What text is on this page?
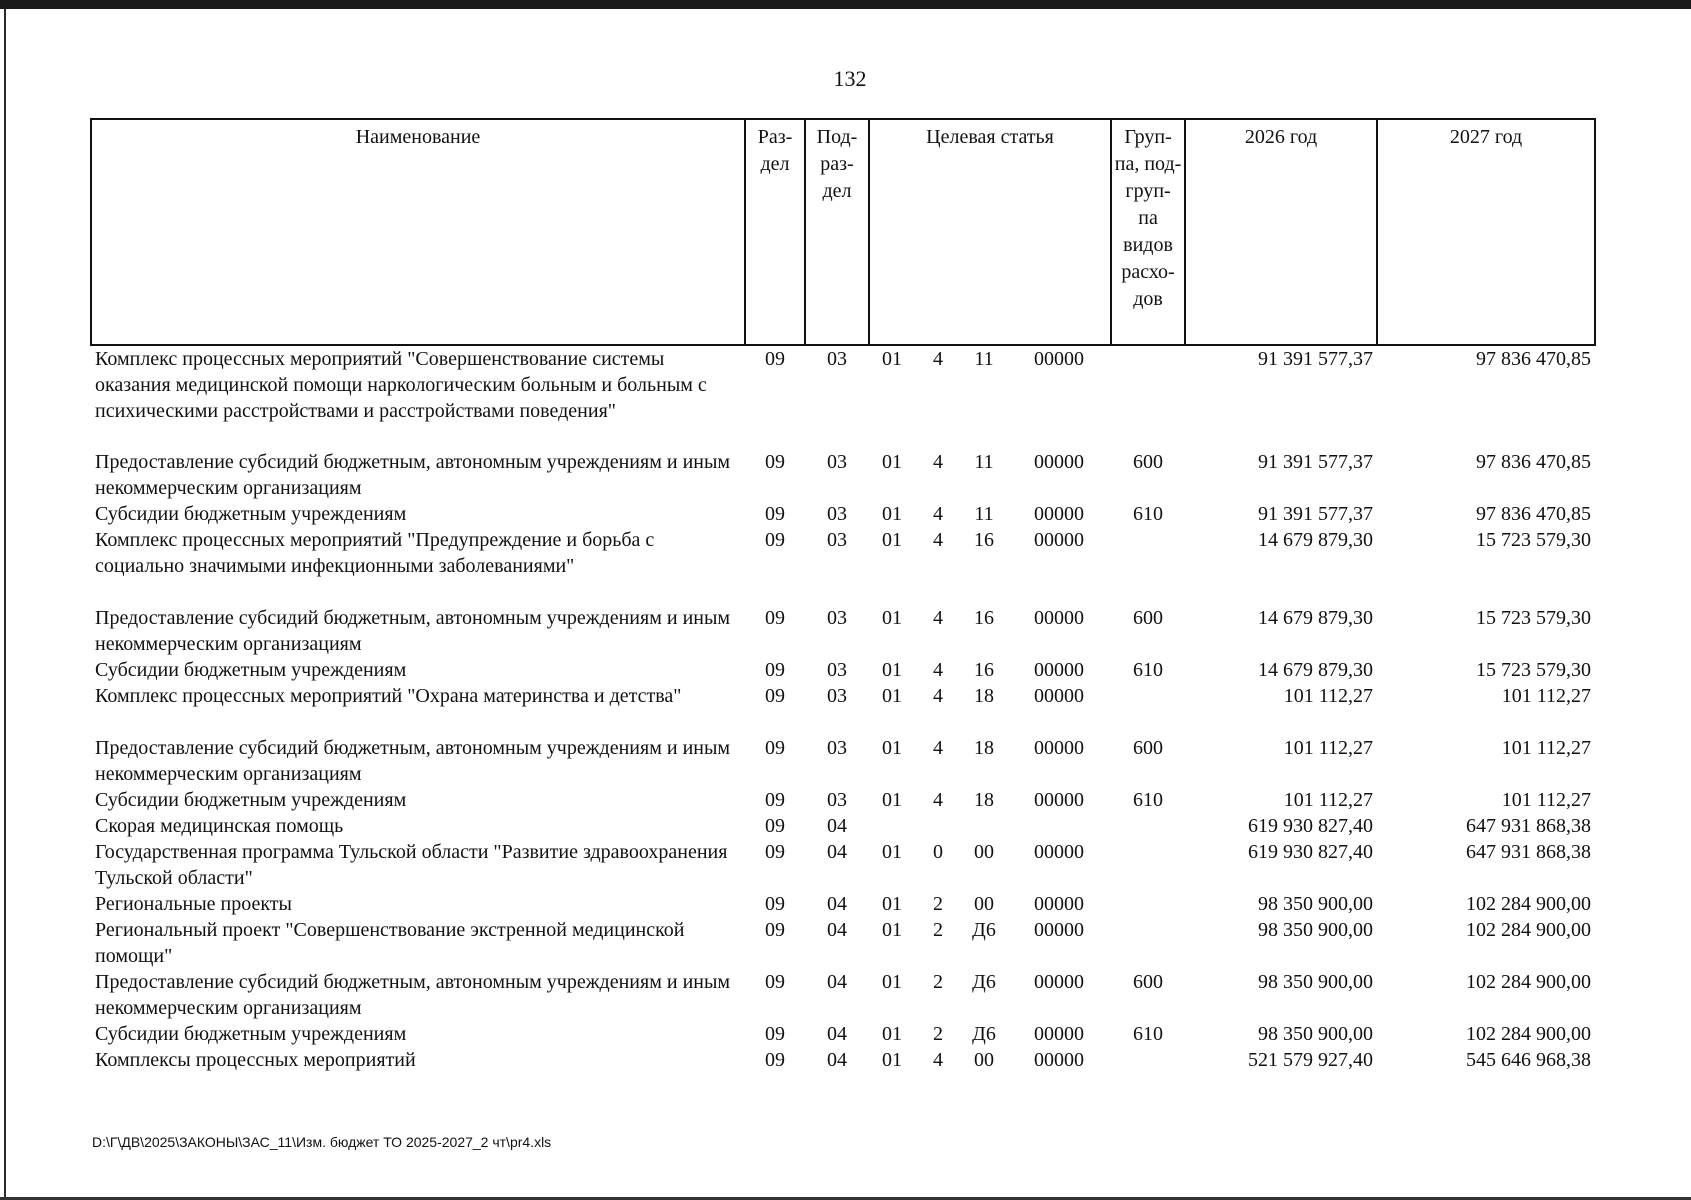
132
Наименование	Раз- дел	Под- раз- дел	Целевая статья				Груп- па, под- груп- па видов расхо- дов	2026 год	2027 год
Комплекс процессных мероприятий "Совершенствование системы оказания медицинской помощи наркологическим больным и больным с психическими расстройствами и расстройствами поведения"	09	03	01	4	11	00000		91 391 577,37	97 836 470,85
Предоставление субсидий бюджетным, автономным учреждениям и иным некоммерческим организациям	09	03	01	4	11	00000	600	91 391 577,37	97 836 470,85
Субсидии бюджетным учреждениям	09	03	01	4	11	00000	610	91 391 577,37	97 836 470,85
Комплекс процессных мероприятий "Предупреждение и борьба с социально значимыми инфекционными заболеваниями"	09	03	01	4	16	00000		14 679 879,30	15 723 579,30
Предоставление субсидий бюджетным, автономным учреждениям и иным некоммерческим организациям	09	03	01	4	16	00000	600	14 679 879,30	15 723 579,30
Субсидии бюджетным учреждениям	09	03	01	4	16	00000	610	14 679 879,30	15 723 579,30
Комплекс процессных мероприятий "Охрана материнства и детства"	09	03	01	4	18	00000		101 112,27	101 112,27
Предоставление субсидий бюджетным, автономным учреждениям и иным некоммерческим организациям	09	03	01	4	18	00000	600	101 112,27	101 112,27
Субсидии бюджетным учреждениям	09	03	01	4	18	00000	610	101 112,27	101 112,27
Скорая медицинская помощь	09	04						619 930 827,40	647 931 868,38
Государственная программа Тульской области "Развитие здравоохранения Тульской области"	09	04	01	0	00	00000		619 930 827,40	647 931 868,38
Региональные проекты	09	04	01	2	00	00000		98 350 900,00	102 284 900,00
Региональный проект "Совершенствование экстренной медицинской помощи"	09	04	01	2	Д6	00000		98 350 900,00	102 284 900,00
Предоставление субсидий бюджетным, автономным учреждениям и иным некоммерческим организациям	09	04	01	2	Д6	00000	600	98 350 900,00	102 284 900,00
Субсидии бюджетным учреждениям	09	04	01	2	Д6	00000	610	98 350 900,00	102 284 900,00
Комплексы процессных мероприятий	09	04	01	4	00	00000		521 579 927,40	545 646 968,38
D:\Г\ДВ\2025\ЗАКОНЫ\ЗАС_11\Изм. бюджет ТО 2025-2027_2 чт\pr4.xls
